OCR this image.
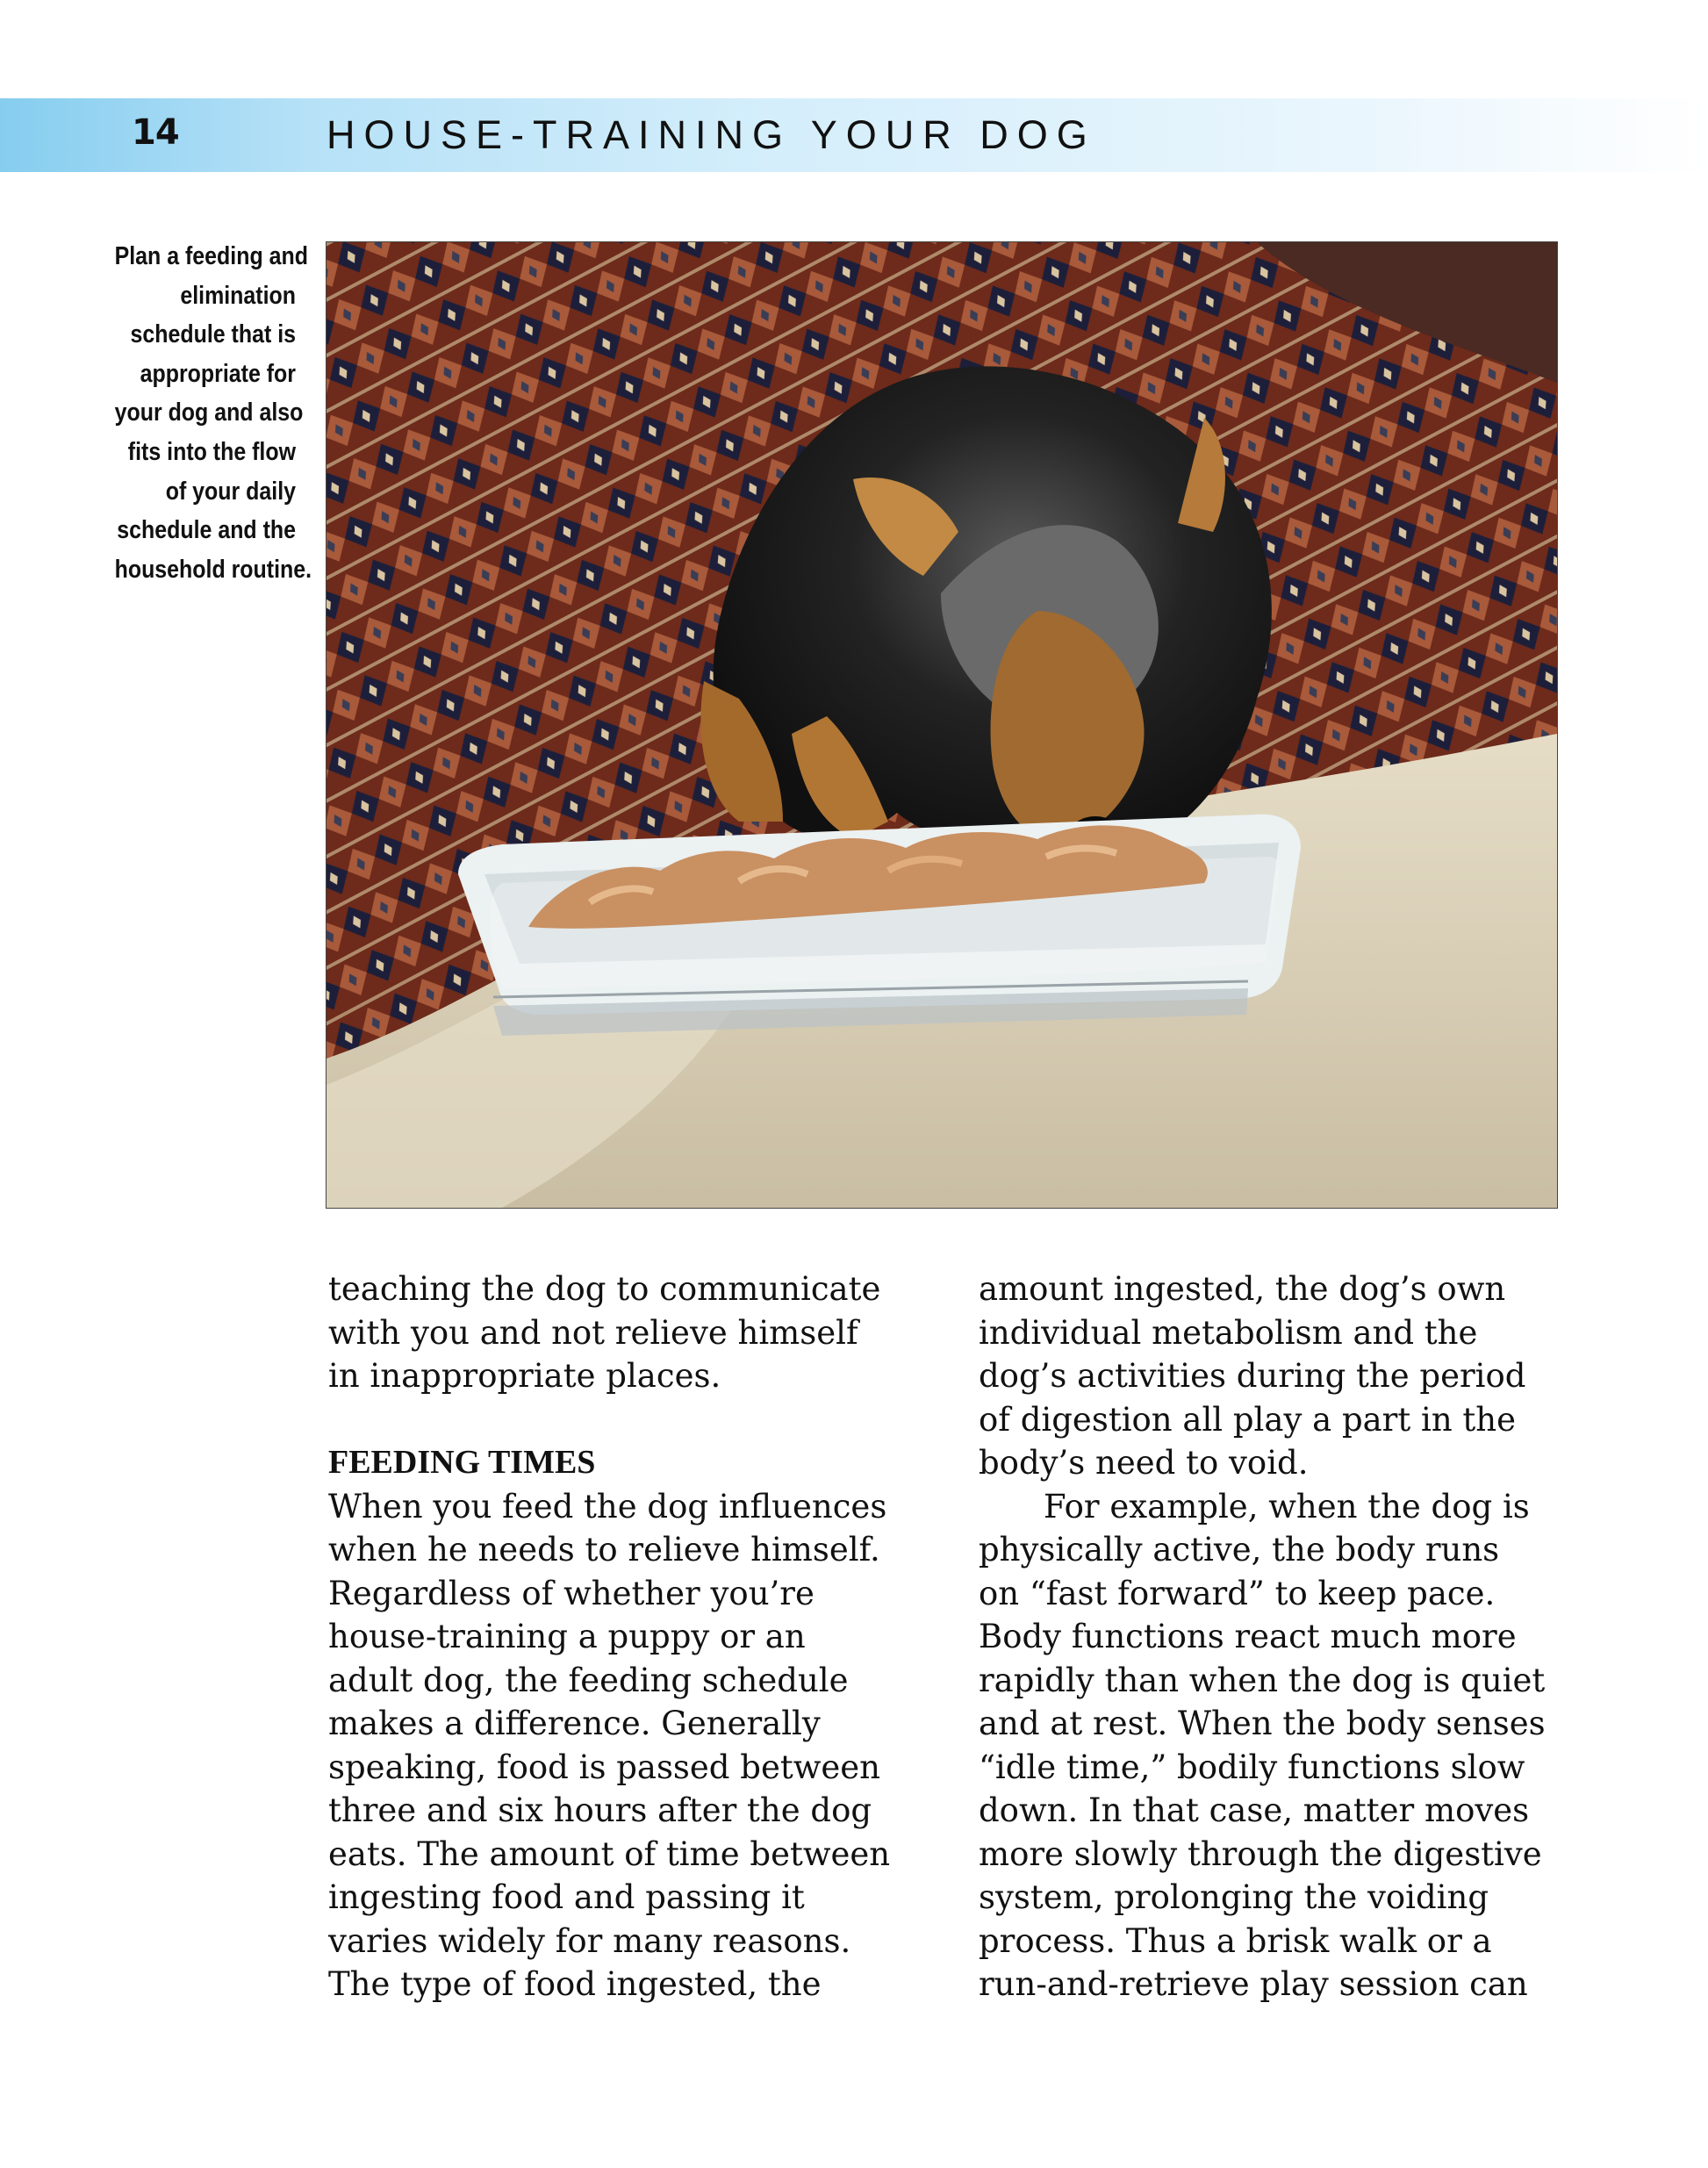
14	HOUSE-TRAINING YOUR DOG
Plan a feeding and
elimination
schedule that is
appropriate for
your dog and also
fits into the flow
of your daily
schedule and the
household routine.
teaching the dog to communicate
with you and not relieve himself
in inappropriate places.
FEEDING TIMES
When you feed the dog influences
when he needs to relieve himself.
Regardless of whether you’re
house-training a puppy or an
adult dog, the feeding schedule
makes a difference. Generally
speaking, food is passed between
three and six hours after the dog
eats. The amount of time between
ingesting food and passing it
varies widely for many reasons.
The type of food ingested, the
amount ingested, the dog’s own
individual metabolism and the
dog’s activities during the period
of digestion all play a part in the
body’s need to void.
For example, when the dog is
physically active, the body runs
on “fast forward” to keep pace.
Body functions react much more
rapidly than when the dog is quiet
and at rest. When the body senses
“idle time,” bodily functions slow
down. In that case, matter moves
more slowly through the digestive
system, prolonging the voiding
process. Thus a brisk walk or a
run-and-retrieve play session can
